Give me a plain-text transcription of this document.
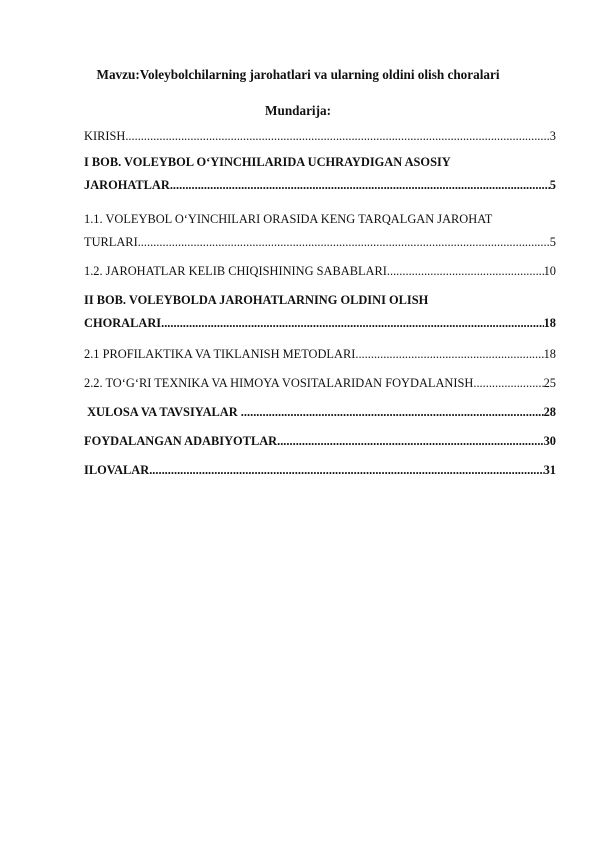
Mavzu:Voleybolchilarning jarohatlari va ularning oldini olish choralari
Mundarija:
KIRISH .....	3
I BOB. VOLEYBOL O‘YINCHILARIDA UCHRAYDIGAN ASOSIY
JAROHATLAR .....	5
1.1. VOLEYBOL O‘YINCHILARI ORASIDA KENG TARQALGAN JAROHAT
TURLARI .....	5
1.2. JAROHATLAR KELIB CHIQISHINING SABABLARI .....	10
II BOB. VOLEYBOLDA JAROHATLARNING OLDINI OLISH
CHORALARI .....	18
2.1 PROFILAKTIKA VA TIKLANISH METODLARI .....	18
2.2. TO‘G‘RI TEXNIKA VA HIMOYA VOSITALARIDAN FOYDALANISH. .....	25
XULOSA VA TAVSIYALAR .....	28
FOYDALANGAN ADABIYOTLAR .....	30
ILOVALAR .....	31
